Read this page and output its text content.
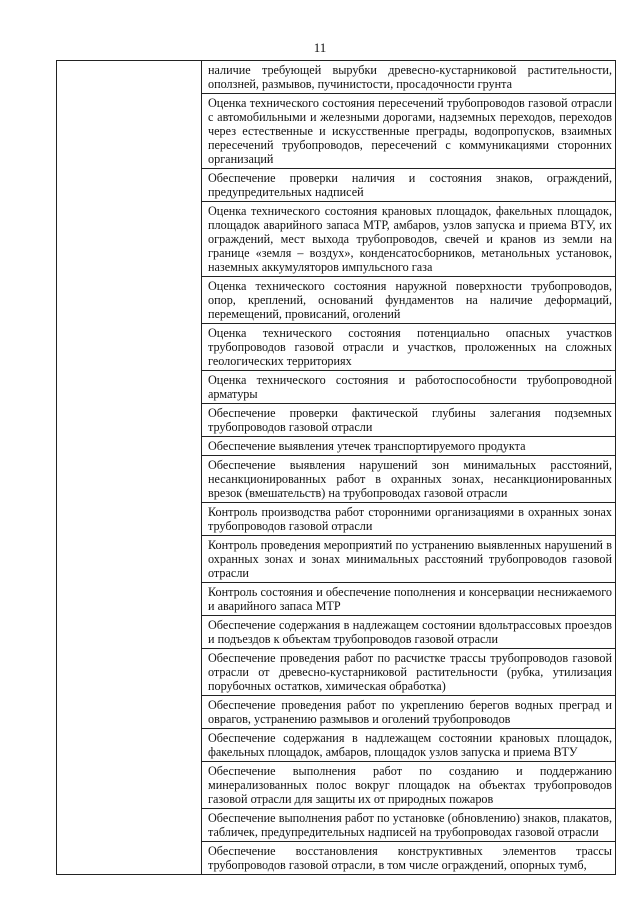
11
	наличие требующей вырубки древесно-кустарниковой растительности, оползней, размывов, пучинистости, просадочности грунта
Оценка технического состояния пересечений трубопроводов газовой отрасли с автомобильными и железными дорогами, надземных переходов, переходов через естественные и искусственные преграды, водопропусков, взаимных пересечений трубопроводов, пересечений с коммуникациями сторонних организаций
Обеспечение проверки наличия и состояния знаков, ограждений, предупредительных надписей
Оценка технического состояния крановых площадок, факельных площадок, площадок аварийного запаса МТР, амбаров, узлов запуска и приема ВТУ, их ограждений, мест выхода трубопроводов, свечей и кранов из земли на границе «земля – воздух», конденсатосборников, метанольных установок, наземных аккумуляторов импульсного газа
Оценка технического состояния наружной поверхности трубопроводов, опор, креплений, оснований фундаментов на наличие деформаций, перемещений, провисаний, оголений
Оценка технического состояния потенциально опасных участков трубопроводов газовой отрасли и участков, проложенных на сложных геологических территориях
Оценка технического состояния и работоспособности трубопроводной арматуры
Обеспечение проверки фактической глубины залегания подземных трубопроводов газовой отрасли
Обеспечение выявления утечек транспортируемого продукта
Обеспечение выявления нарушений зон минимальных расстояний, несанкционированных работ в охранных зонах, несанкционированных врезок (вмешательств) на трубопроводах газовой отрасли
Контроль производства работ сторонними организациями в охранных зонах трубопроводов газовой отрасли
Контроль проведения мероприятий по устранению выявленных нарушений в охранных зонах и зонах минимальных расстояний трубопроводов газовой отрасли
Контроль состояния и обеспечение пополнения и консервации неснижаемого и аварийного запаса МТР
Обеспечение содержания в надлежащем состоянии вдольтрассовых проездов и подъездов к объектам трубопроводов газовой отрасли
Обеспечение проведения работ по расчистке трассы трубопроводов газовой отрасли от древесно-кустарниковой растительности (рубка, утилизация порубочных остатков, химическая обработка)
Обеспечение проведения работ по укреплению берегов водных преград и оврагов, устранению размывов и оголений трубопроводов
Обеспечение содержания в надлежащем состоянии крановых площадок, факельных площадок, амбаров, площадок узлов запуска и приема ВТУ
Обеспечение выполнения работ по созданию и поддержанию минерализованных полос вокруг площадок на объектах трубопроводов газовой отрасли для защиты их от природных пожаров
Обеспечение выполнения работ по установке (обновлению) знаков, плакатов, табличек, предупредительных надписей на трубопроводах газовой отрасли
Обеспечение восстановления конструктивных элементов трассы трубопроводов газовой отрасли, в том числе ограждений, опорных тумб,
